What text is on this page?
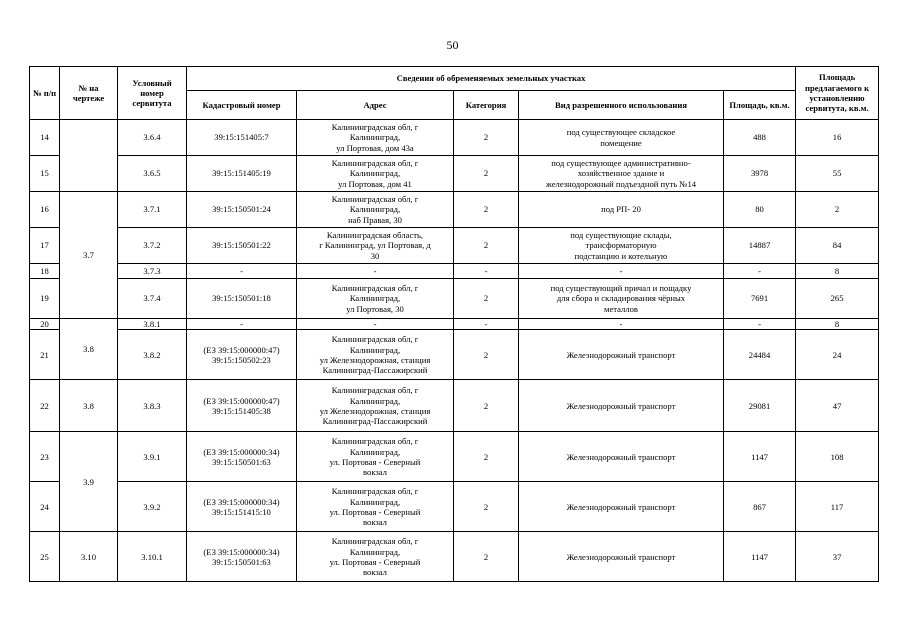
50
№ п/п	№ на чертеже	Условный номер сервитута	Сведения об обременяемых земельных участках					Площадь предлагаемого к установлению сервитута, кв.м.
			Кадастровый номер	Адрес	Категория	Вид разрешенного использования	Площадь, кв.м.	
14		3.6.4	39:15:151405:7	Калининградская обл, г
Калининград,
ул Портовая, дом 43а	2	под существующее складское
помещение	488	16
15		3.6.5	39:15:151405:19	Калининградская обл, г
Калининград,
ул Портовая, дом 41	2	под существующее административно-
хозяйственное здание и
железнодорожный подъездной путь №14	3978	55
16	3.7	3.7.1	39:15:150501:24	Калининградская обл, г
Калининград,
наб Правая, 30	2	под РП- 20	80	2
17		3.7.2	39:15:150501:22	Калининградская область,
г Калининград, ул Портовая, д
30	2	под существующие склады,
трансформаторную
подстанцию и котельную	14887	84
18		3.7.3	-	-	-	-	-	8
19		3.7.4	39:15:150501:18	Калининградская обл, г
Калининград,
ул Портовая, 30	2	под существующий причал и пощадку
для сбора и складирования чёрных
металлов	7691	265
20	3.8	3.8.1	-	-	-	-	-	8
21		3.8.2	(ЕЗ 39:15:000000:47)
39:15:150502:23	Калининградская обл, г
Калининград,
ул Железнодорожная, станция
Калининград-Пассажирский	2	Железнодорожный транспорт	24484	24
22	3.8	3.8.3	(ЕЗ 39:15:000000:47)
39:15:151405:38	Калининградская обл, г
Калининград,
ул Железнодорожная, станция
Калининград-Пассажирский	2	Железнодорожный транспорт	29081	47
23	3.9	3.9.1	(ЕЗ 39:15:000000:34)
39:15:150501:63	Калининградская обл, г
Калининград,
ул. Портовая - Северный
вокзал	2	Железнодорожный транспорт	1147	108
24		3.9.2	(ЕЗ 39:15:000000:34)
39:15:151415:10	Калининградская обл, г
Калининград,
ул. Портовая - Северный
вокзал	2	Железнодорожный транспорт	867	117
25	3.10	3.10.1	(ЕЗ 39:15:000000:34)
39:15:150501:63	Калининградская обл, г
Калининград,
ул. Портовая - Северный
вокзал	2	Железнодорожный транспорт	1147	37
